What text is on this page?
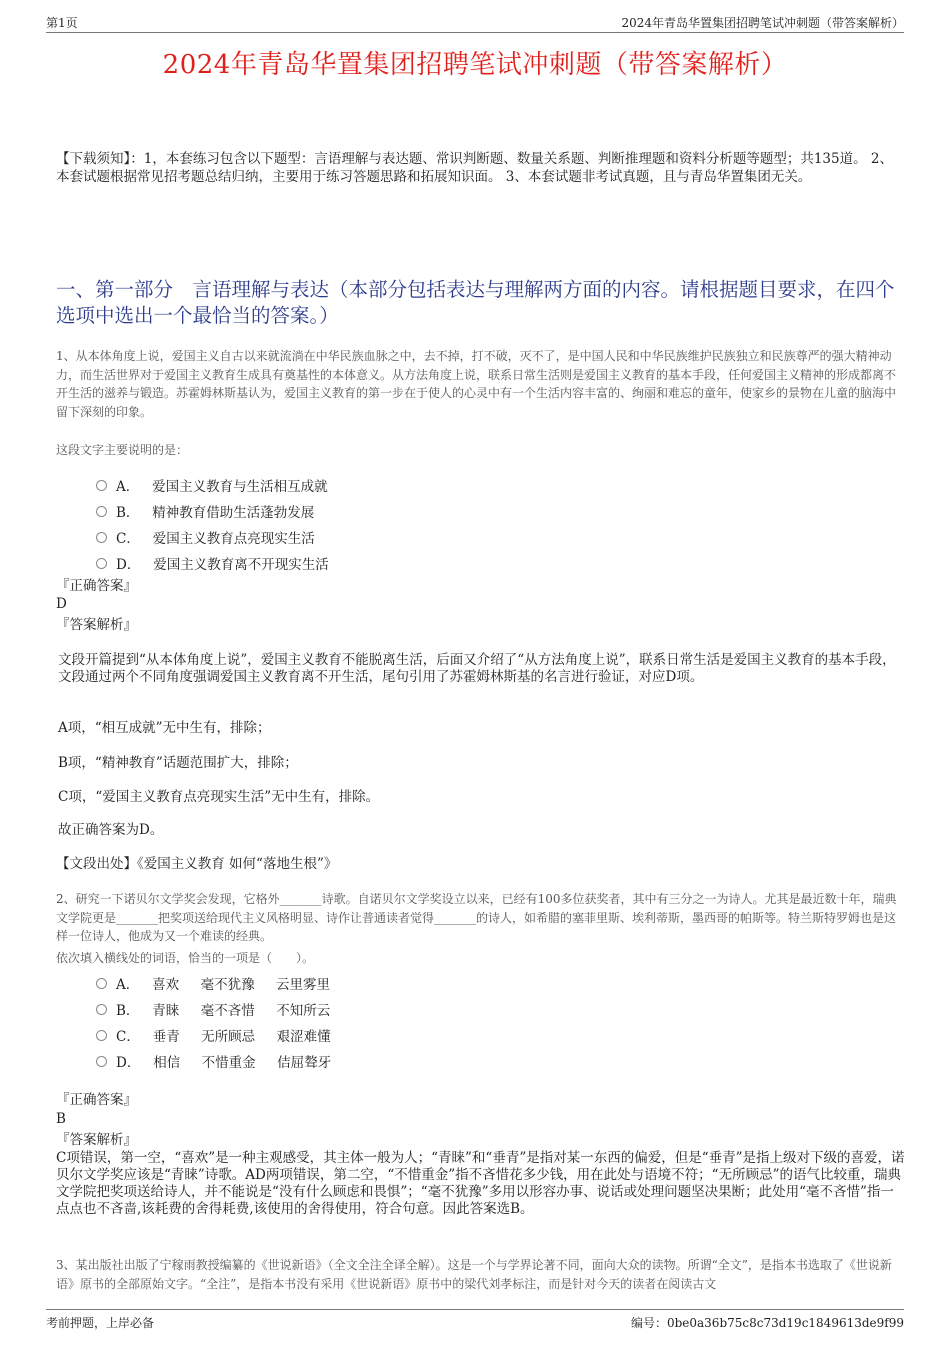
第1页	2024年青岛华置集团招聘笔试冲刺题（带答案解析）
2024年青岛华置集团招聘笔试冲刺题（带答案解析）
【下载须知】：1，本套练习包含以下题型：言语理解与表达题、常识判断题、数量关系题、判断推理题和资料分析题等题型；共135道。 2、本套试题根据常见招考题总结归纳，主要用于练习答题思路和拓展知识面。 3、本套试题非考试真题，且与青岛华置集团无关。
一、第一部分　言语理解与表达（本部分包括表达与理解两方面的内容。请根据题目要求，在四个选项中选出一个最恰当的答案。）
1、从本体角度上说，爱国主义自古以来就流淌在中华民族血脉之中，去不掉，打不破，灭不了，是中国人民和中华民族维护民族独立和民族尊严的强大精神动力，而生活世界对于爱国主义教育生成具有奠基性的本体意义。从方法角度上说，联系日常生活则是爱国主义教育的基本手段，任何爱国主义精神的形成都离不开生活的滋养与锻造。苏霍姆林斯基认为，爱国主义教育的第一步在于使人的心灵中有一个生活内容丰富的、绚丽和难忘的童年，使家乡的景物在儿童的脑海中留下深刻的印象。
这段文字主要说明的是：
A．   爱国主义教育与生活相互成就
B．   精神教育借助生活蓬勃发展
C．   爱国主义教育点亮现实生活
D．   爱国主义教育离不开现实生活
『正确答案』
D
『答案解析』
文段开篇提到“从本体角度上说”，爱国主义教育不能脱离生活，后面又介绍了“从方法角度上说”，联系日常生活是爱国主义教育的基本手段，文段通过两个不同角度强调爱国主义教育离不开生活，尾句引用了苏霍姆林斯基的名言进行验证，对应D项。
A项，“相互成就”无中生有，排除；
B项，“精神教育”话题范围扩大，排除；
C项，“爱国主义教育点亮现实生活”无中生有，排除。
故正确答案为D。
【文段出处】《爱国主义教育 如何“落地生根”》
2、研究一下诺贝尔文学奖会发现，它格外_______诗歌。自诺贝尔文学奖设立以来，已经有100多位获奖者，其中有三分之一为诗人。尤其是最近数十年，瑞典文学院更是_______把奖项送给现代主义风格明显、诗作让普通读者觉得_______的诗人，如希腊的塞菲里斯、埃利蒂斯，墨西哥的帕斯等。特兰斯特罗姆也是这样一位诗人，他成为又一个难读的经典。
依次填入横线处的词语，恰当的一项是（　　）。
A．   喜欢     毫不犹豫     云里雾里
B．   青睐     毫不吝惜     不知所云
C．   垂青     无所顾忌     艰涩难懂
D．   相信     不惜重金     佶屈聱牙
『正确答案』
B
『答案解析』
C项错误，第一空，“喜欢”是一种主观感受，其主体一般为人；“青睐”和“垂青”是指对某一东西的偏爱，但是“垂青”是指上级对下级的喜爱，诺贝尔文学奖应该是“青睐”诗歌。AD两项错误，第二空，“不惜重金”指不吝惜花多少钱，用在此处与语境不符；“无所顾忌”的语气比较重，瑞典文学院把奖项送给诗人，并不能说是“没有什么顾虑和畏惧”；“毫不犹豫”多用以形容办事、说话或处理问题坚决果断；此处用“毫不吝惜”指一点点也不吝啬,该耗费的舍得耗费,该使用的舍得使用，符合句意。因此答案选B。
3、某出版社出版了宁稼雨教授编纂的《世说新语》（全文全注全译全解）。这是一个与学界论著不同，面向大众的读物。所谓“全文”，是指本书选取了《世说新语》原书的全部原始文字。“全注”，是指本书没有采用《世说新语》原书中的梁代刘孝标注，而是针对今天的读者在阅读古文
考前押题，上岸必备	编号：0be0a36b75c8c73d19c1849613de9f99
